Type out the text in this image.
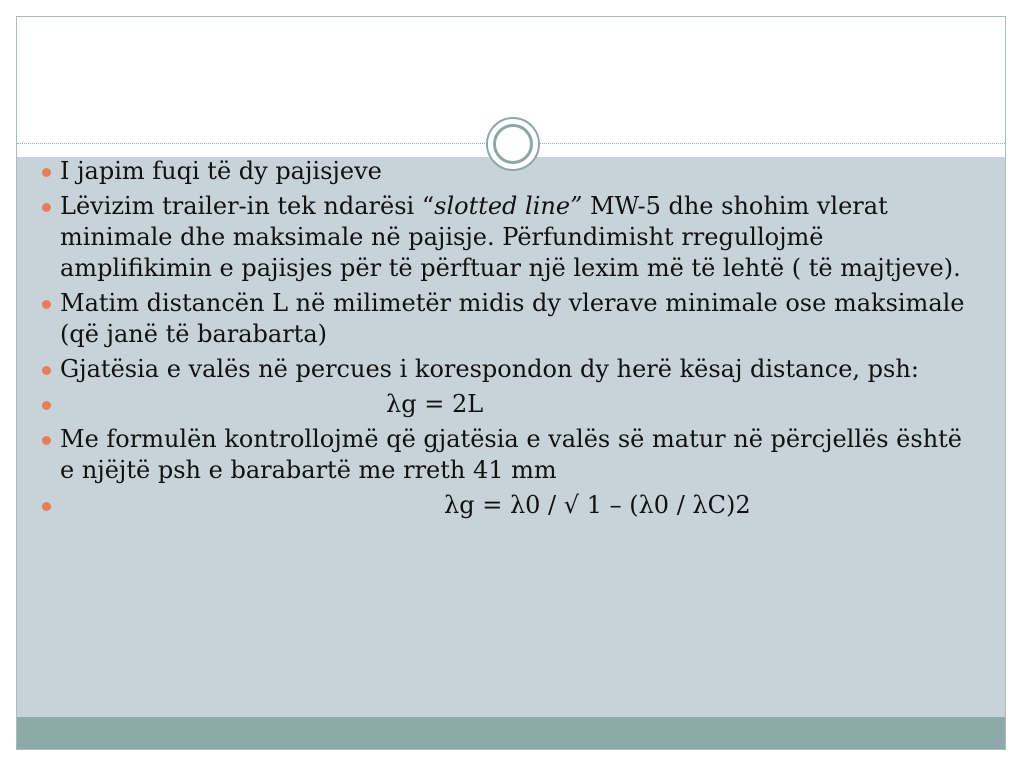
I japim fuqi të dy pajisjeve
Lëvizim trailer-in tek ndarësi “slotted line” MW-5 dhe shohim vlerat minimale dhe maksimale në pajisje. Përfundimisht rregullojmë amplifikimin e pajisjes për të përftuar një lexim më të lehtë ( të majtjeve).
Matim distancën L në milimetër midis dy vlerave minimale ose maksimale (që janë të barabarta)
Gjatësia e valës në percues i korespondon dy herë kësaj distance, psh:
λg = 2L
Me formulën kontrollojmë që gjatësia e valës së matur në përcjellës është e njëjtë psh e barabartë me rreth 41 mm
λg = λ0 / √ 1 – (λ0 / λC)2
